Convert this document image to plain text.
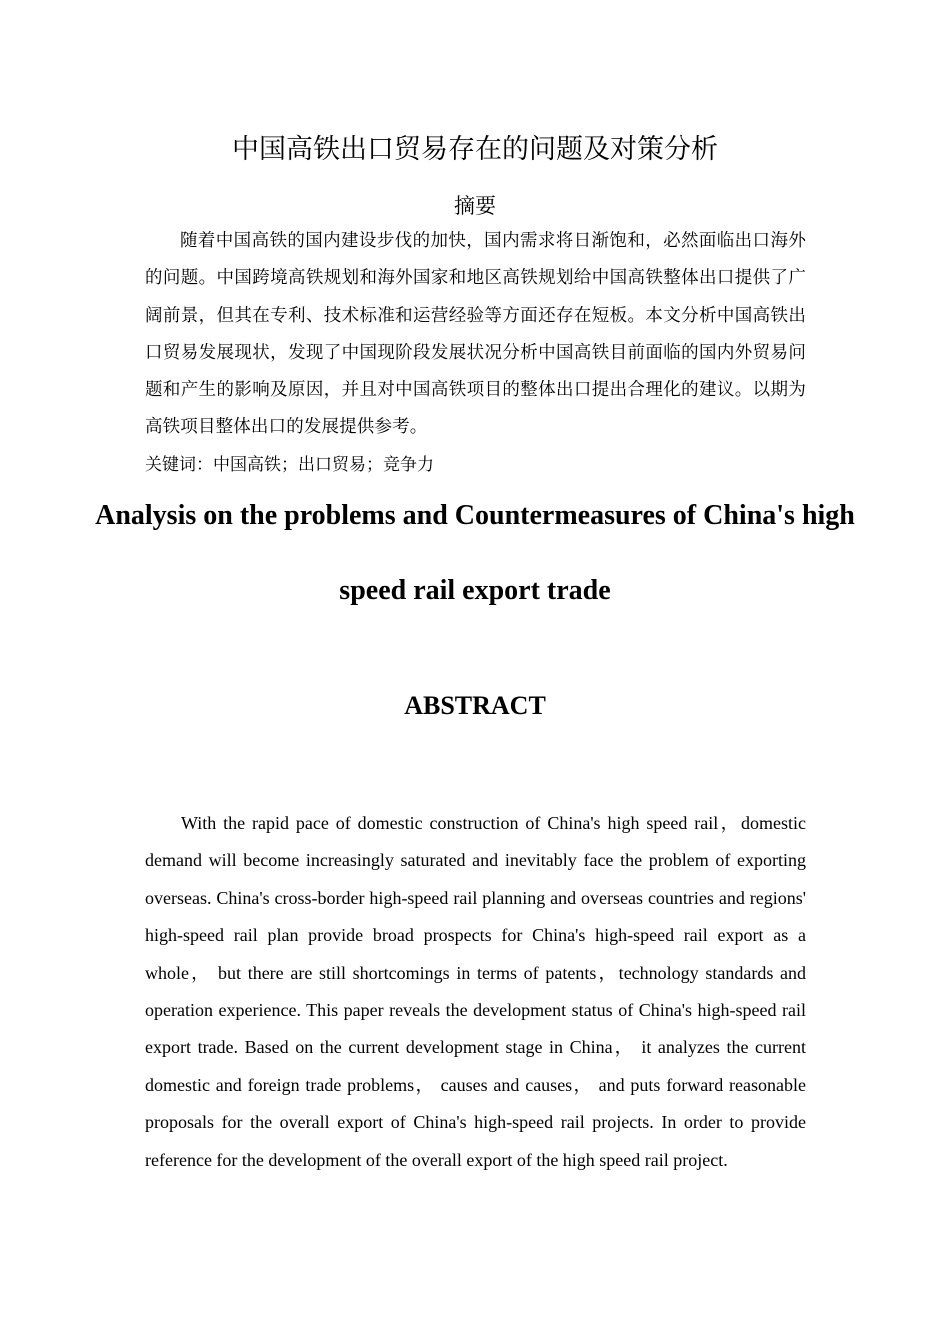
中国高铁出口贸易存在的问题及对策分析
摘要

随着中国高铁的国内建设步伐的加快，国内需求将日渐饱和，必然面临出口海外的问题。中国跨境高铁规划和海外国家和地区高铁规划给中国高铁整体出口提供了广阔前景，但其在专利、技术标准和运营经验等方面还存在短板。本文分析中国高铁出口贸易发展现状，发现了中国现阶段发展状况分析中国高铁目前面临的国内外贸易问题和产生的影响及原因，并且对中国高铁项目的整体出口提出合理化的建议。以期为高铁项目整体出口的发展提供参考。

关键词：中国高铁；出口贸易；竞争力

Analysis on the problems and Countermeasures of China's high speed rail export trade
ABSTRACT

With the rapid pace of domestic construction of China's high speed rail，domestic demand will become increasingly saturated and inevitably face the problem of exporting overseas. China's cross-border high-speed rail planning and overseas countries and regions' high-speed rail plan provide broad prospects for China's high-speed rail export as a whole， but there are still shortcomings in terms of patents，technology standards and operation experience. This paper reveals the development status of China's high-speed rail export trade. Based on the current development stage in China， it analyzes the current domestic and foreign trade problems， causes and causes， and puts forward reasonable proposals for the overall export of China's high-speed rail projects. In order to provide reference for the development of the overall export of the high speed rail project.
